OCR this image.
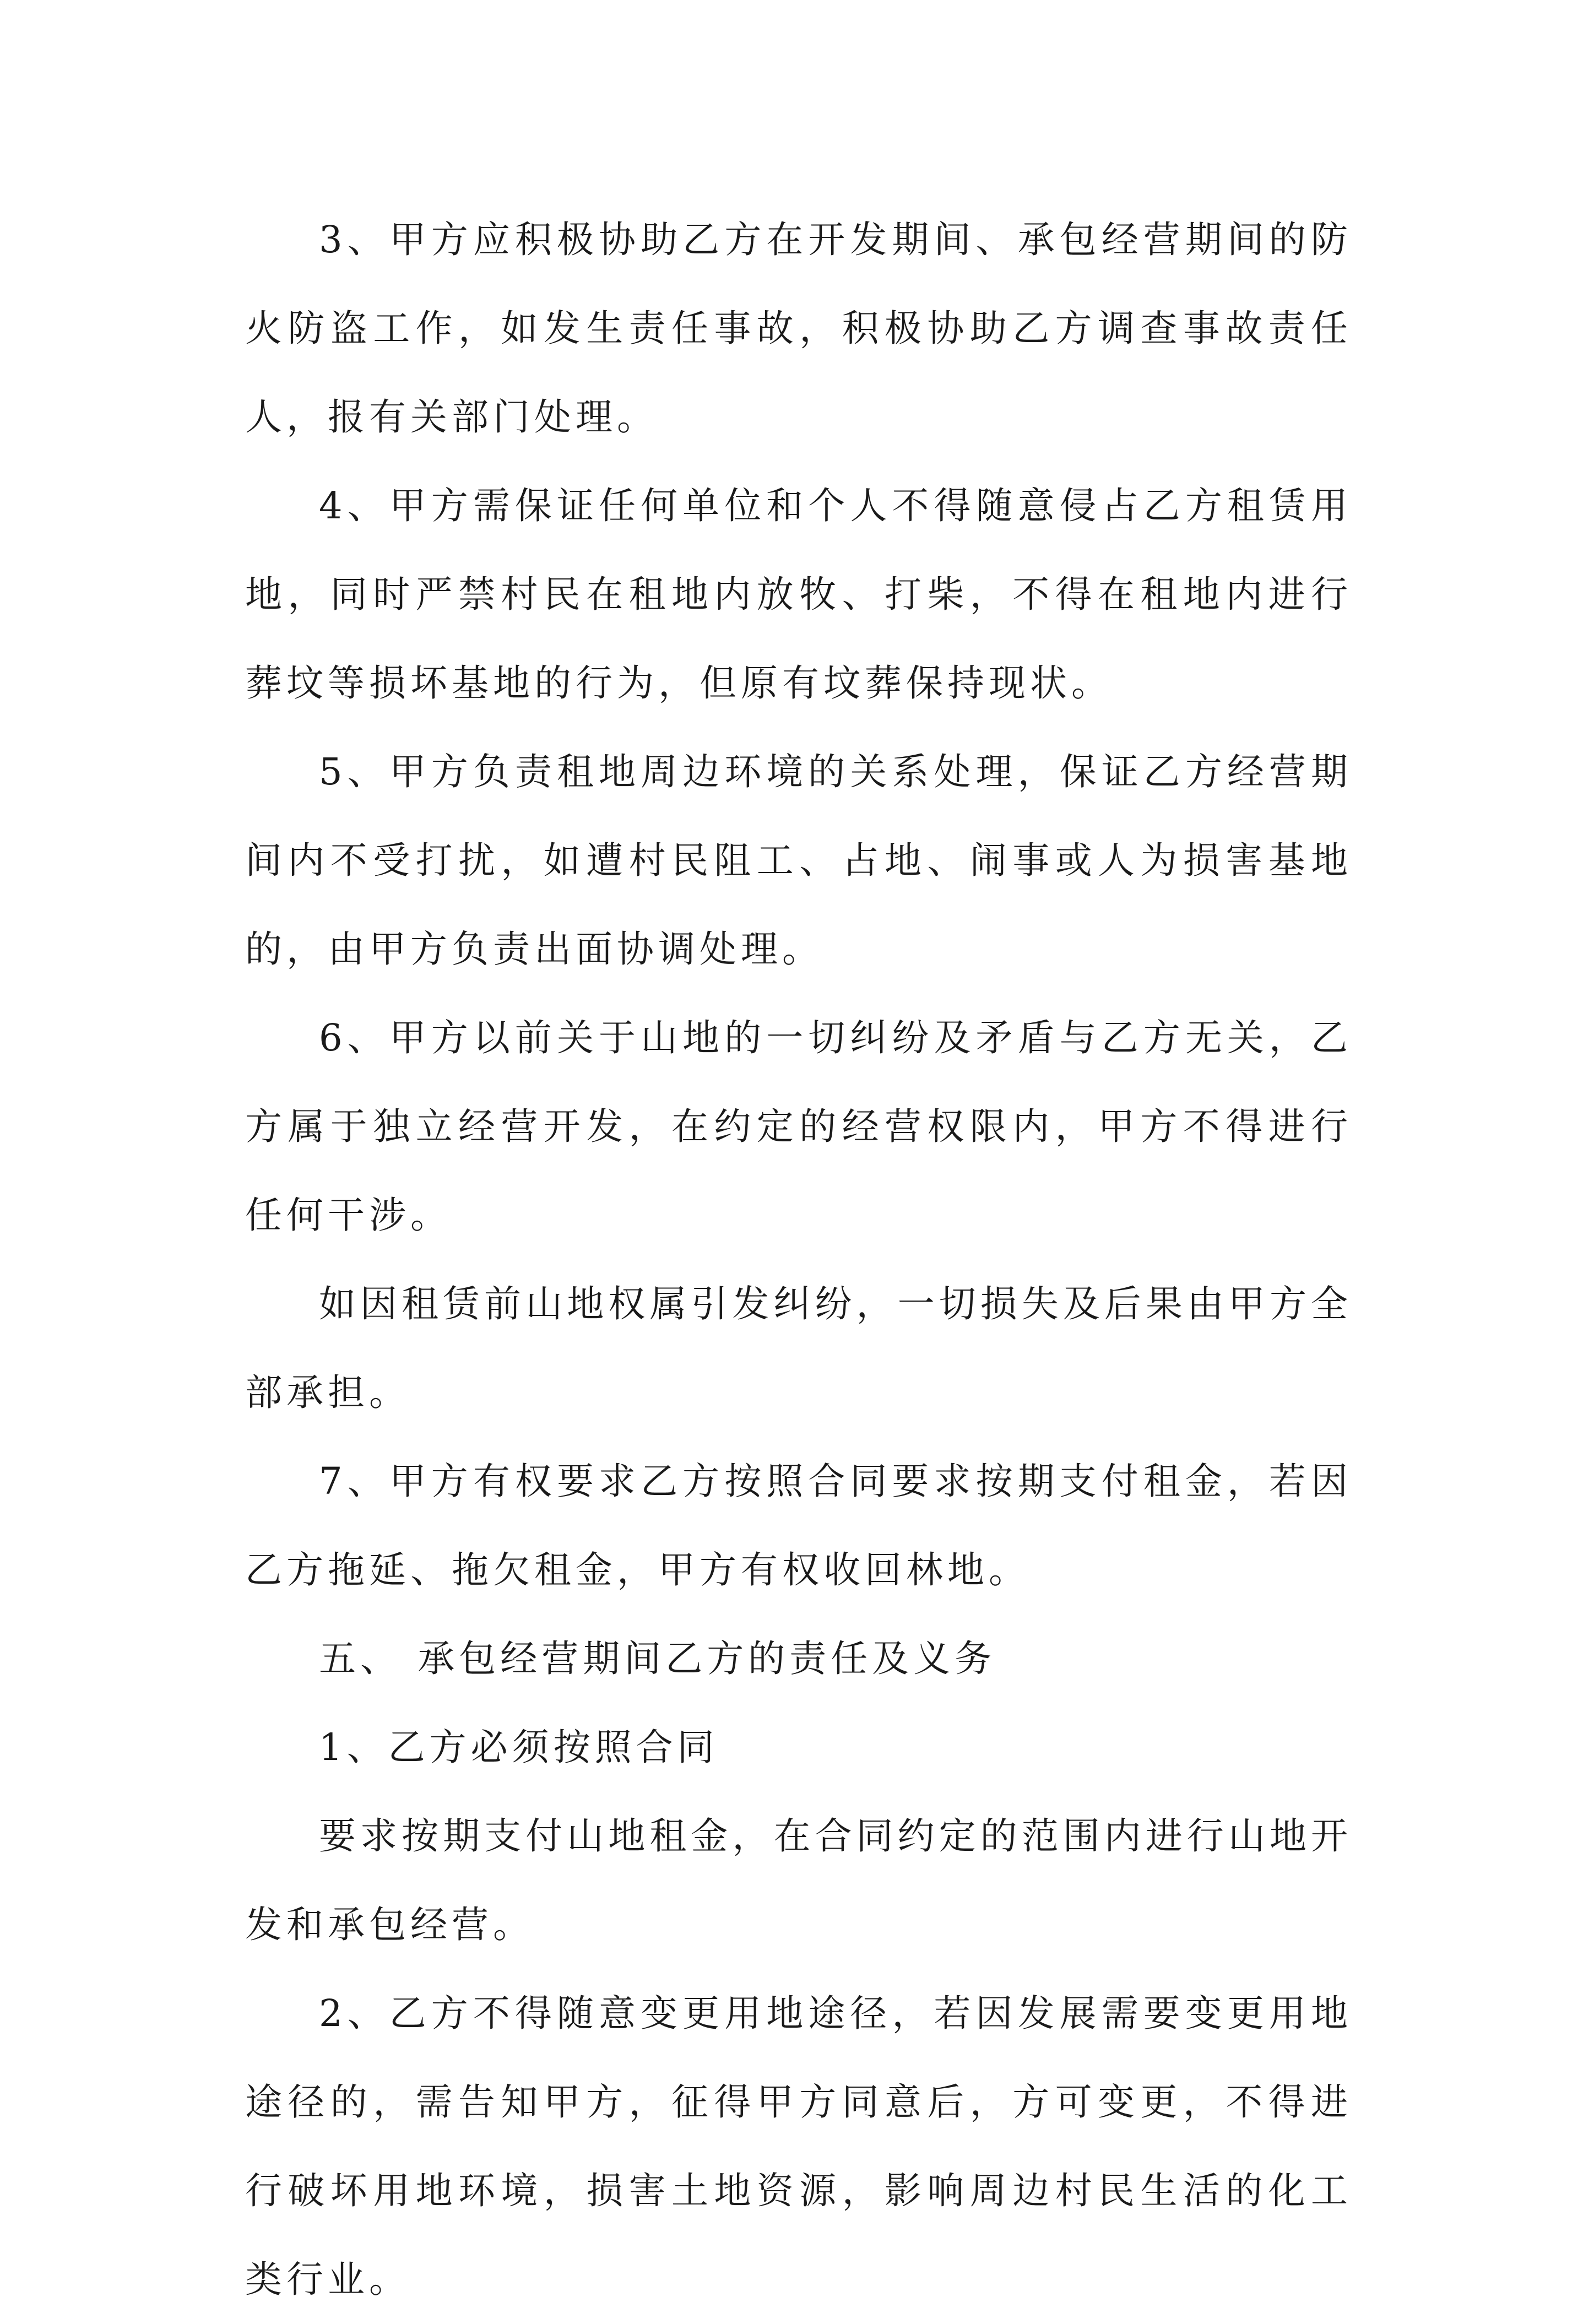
3、甲方应积极协助乙方在开发期间、承包经营期间的防火防盗工作，如发生责任事故，积极协助乙方调查事故责任人，报有关部门处理。

4、甲方需保证任何单位和个人不得随意侵占乙方租赁用地，同时严禁村民在租地内放牧、打柴，不得在租地内进行葬坟等损坏基地的行为，但原有坟葬保持现状。

5、甲方负责租地周边环境的关系处理，保证乙方经营期间内不受打扰，如遭村民阻工、占地、闹事或人为损害基地的，由甲方负责出面协调处理。

6、甲方以前关于山地的一切纠纷及矛盾与乙方无关，乙方属于独立经营开发，在约定的经营权限内，甲方不得进行任何干涉。

如因租赁前山地权属引发纠纷，一切损失及后果由甲方全部承担。

7、甲方有权要求乙方按照合同要求按期支付租金，若因乙方拖延、拖欠租金，甲方有权收回林地。

五、 承包经营期间乙方的责任及义务

1、乙方必须按照合同

要求按期支付山地租金，在合同约定的范围内进行山地开发和承包经营。

2、乙方不得随意变更用地途径，若因发展需要变更用地途径的，需告知甲方，征得甲方同意后，方可变更，不得进行破坏用地环境，损害土地资源，影响周边村民生活的化工类行业。
